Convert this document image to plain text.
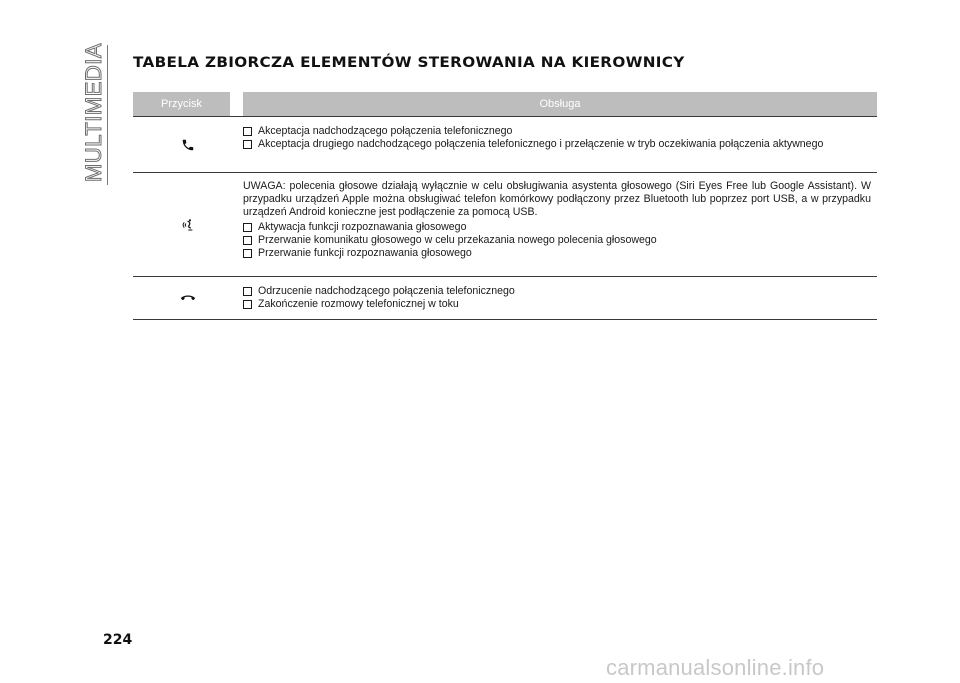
MULTIMEDIA TABELA ZBIORCZA ELEMENTÓW STEROWANIA NA KIEROWNICY
Przycisk	Obsługa
Akceptacja nadchodzącego połączenia telefonicznego
Akceptacja drugiego nadchodzącego połączenia telefonicznego i przełączenie w tryb oczekiwania połączenia aktywnego
UWAGA: polecenia głosowe działają wyłącznie w celu obsługiwania asystenta głosowego (Siri Eyes Free lub Google Assistant). W przypadku urządzeń Apple można obsługiwać telefon komórkowy podłączony przez Bluetooth lub poprzez port USB, a w przypadku urządzeń Android konieczne jest podłączenie za pomocą USB.
Aktywacja funkcji rozpoznawania głosowego
Przerwanie komunikatu głosowego w celu przekazania nowego polecenia głosowego
Przerwanie funkcji rozpoznawania głosowego
Odrzucenie nadchodzącego połączenia telefonicznego
Zakończenie rozmowy telefonicznej w toku
224
carmanualsonline.info
